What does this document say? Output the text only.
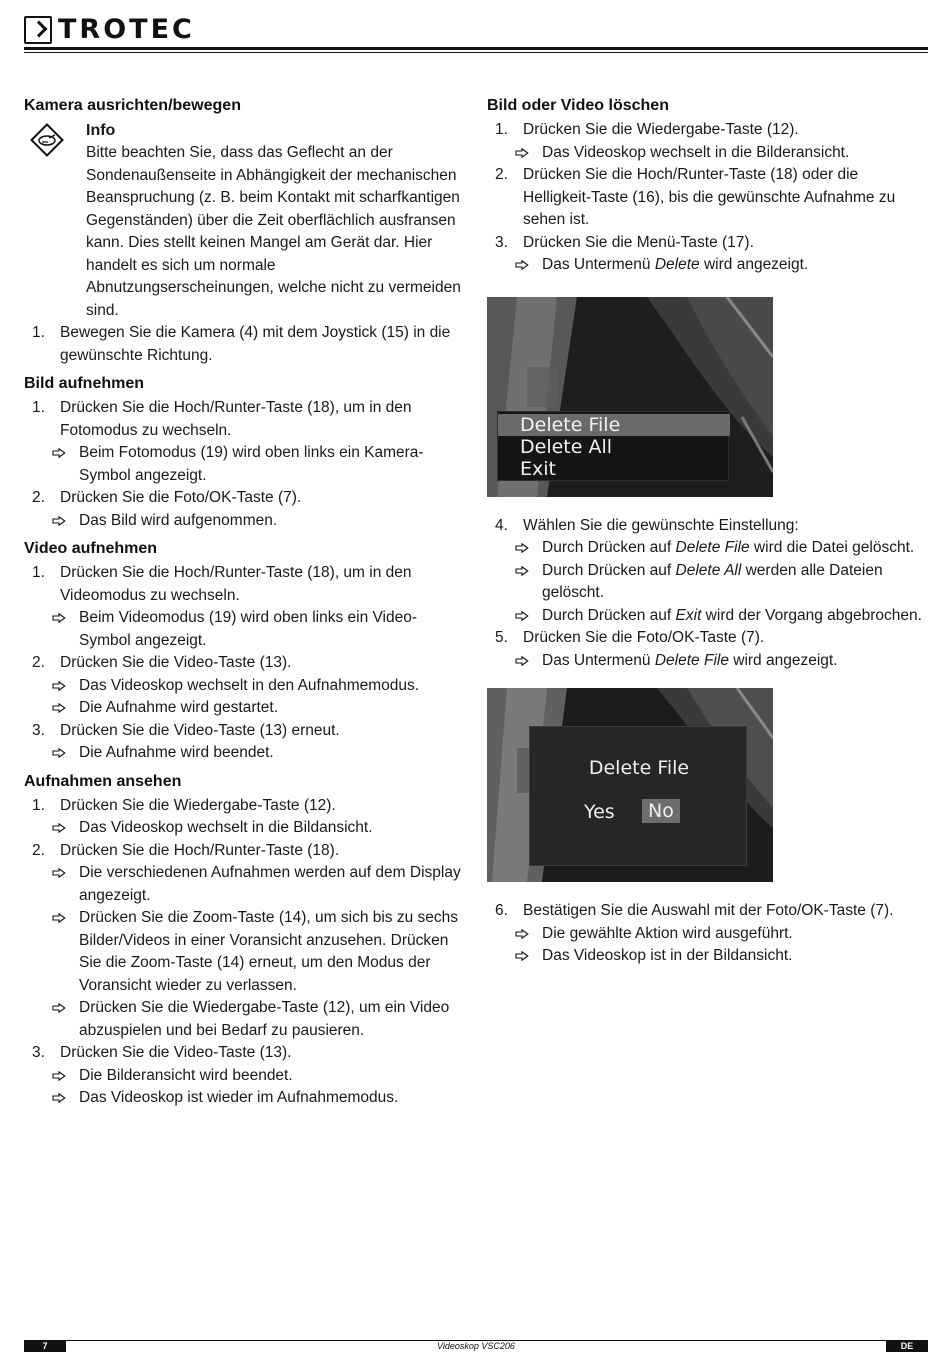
TROTEC
Kamera ausrichten/bewegen
Info
Bitte beachten Sie, dass das Geflecht an der Sondenaußenseite in Abhängigkeit der mechanischen Beanspruchung (z. B. beim Kontakt mit scharfkantigen Gegenständen) über die Zeit oberflächlich ausfransen kann. Dies stellt keinen Mangel am Gerät dar. Hier handelt es sich um normale Abnutzungserscheinungen, welche nicht zu vermeiden sind.
1. Bewegen Sie die Kamera (4) mit dem Joystick (15) in die gewünschte Richtung.
Bild aufnehmen
1. Drücken Sie die Hoch/Runter-Taste (18), um in den Fotomodus zu wechseln.
Beim Fotomodus (19) wird oben links ein Kamera-Symbol angezeigt.
2. Drücken Sie die Foto/OK-Taste (7).
Das Bild wird aufgenommen.
Video aufnehmen
1. Drücken Sie die Hoch/Runter-Taste (18), um in den Videomodus zu wechseln.
Beim Videomodus (19) wird oben links ein Video-Symbol angezeigt.
2. Drücken Sie die Video-Taste (13).
Das Videoskop wechselt in den Aufnahmemodus.
Die Aufnahme wird gestartet.
3. Drücken Sie die Video-Taste (13) erneut.
Die Aufnahme wird beendet.
Aufnahmen ansehen
1. Drücken Sie die Wiedergabe-Taste (12).
Das Videoskop wechselt in die Bildansicht.
2. Drücken Sie die Hoch/Runter-Taste (18).
Die verschiedenen Aufnahmen werden auf dem Display angezeigt.
Drücken Sie die Zoom-Taste (14), um sich bis zu sechs Bilder/Videos in einer Voransicht anzusehen. Drücken Sie die Zoom-Taste (14) erneut, um den Modus der Voransicht wieder zu verlassen.
Drücken Sie die Wiedergabe-Taste (12), um ein Video abzuspielen und bei Bedarf zu pausieren.
3. Drücken Sie die Video-Taste (13).
Die Bilderansicht wird beendet.
Das Videoskop ist wieder im Aufnahmemodus.
Bild oder Video löschen
1. Drücken Sie die Wiedergabe-Taste (12).
Das Videoskop wechselt in die Bilderansicht.
2. Drücken Sie die Hoch/Runter-Taste (18) oder die Helligkeit-Taste (16), bis die gewünschte Aufnahme zu sehen ist.
3. Drücken Sie die Menü-Taste (17).
Das Untermenü Delete wird angezeigt.
Delete File
Delete All
Exit
4. Wählen Sie die gewünschte Einstellung:
Durch Drücken auf Delete File wird die Datei gelöscht.
Durch Drücken auf Delete All werden alle Dateien gelöscht.
Durch Drücken auf Exit wird der Vorgang abgebrochen.
5. Drücken Sie die Foto/OK-Taste (7).
Das Untermenü Delete File wird angezeigt.
Delete File
Yes	No
6. Bestätigen Sie die Auswahl mit der Foto/OK-Taste (7).
Die gewählte Aktion wird ausgeführt.
Das Videoskop ist in der Bildansicht.
7	Videoskop VSC206	DE
